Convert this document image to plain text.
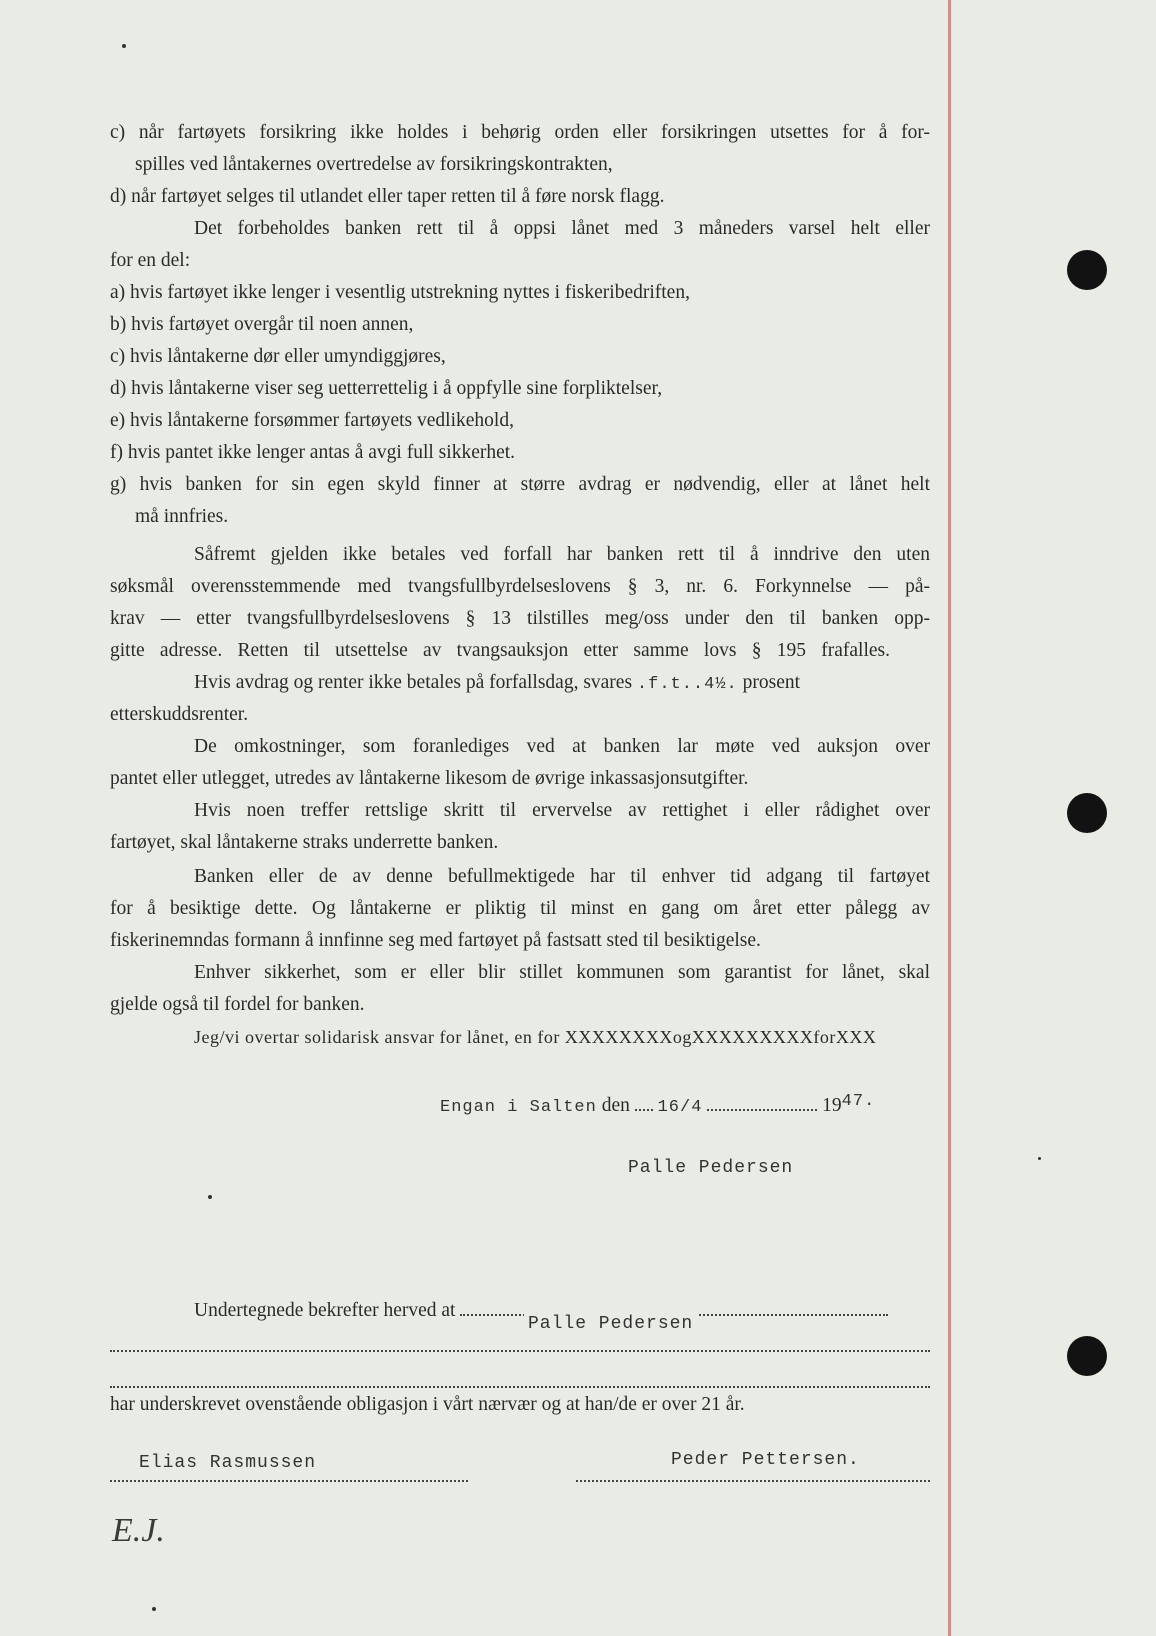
c) når fartøyets forsikring ikke holdes i behørig orden eller forsikringen utsettes for å for-
spilles ved låntakernes overtredelse av forsikringskontrakten,
d) når fartøyet selges til utlandet eller taper retten til å føre norsk flagg.
Det forbeholdes banken rett til å oppsi lånet med 3 måneders varsel helt eller
for en del:
a) hvis fartøyet ikke lenger i vesentlig utstrekning nyttes i fiskeribedriften,
b) hvis fartøyet overgår til noen annen,
c) hvis låntakerne dør eller umyndiggjøres,
d) hvis låntakerne viser seg uetterrettelig i å oppfylle sine forpliktelser,
e) hvis låntakerne forsømmer fartøyets vedlikehold,
f) hvis pantet ikke lenger antas å avgi full sikkerhet.
g) hvis banken for sin egen skyld finner at større avdrag er nødvendig, eller at lånet helt
må innfries.
Såfremt gjelden ikke betales ved forfall har banken rett til å inndrive den uten
søksmål overensstemmende med tvangsfullbyrdelseslovens § 3, nr. 6. Forkynnelse — på-
krav — etter tvangsfullbyrdelseslovens § 13 tilstilles meg/oss under den til banken opp-
gitte adresse. Retten til utsettelse av tvangsauksjon etter samme lovs § 195 frafalles.
Hvis avdrag og renter ikke betales på forfallsdag, svares .f.t..4½. prosent
etterskuddsrenter.
De omkostninger, som foranlediges ved at banken lar møte ved auksjon over
pantet eller utlegget, utredes av låntakerne likesom de øvrige inkassasjonsutgifter.
Hvis noen treffer rettslige skritt til ervervelse av rettighet i eller rådighet over
fartøyet, skal låntakerne straks underrette banken.
Banken eller de av denne befullmektigede har til enhver tid adgang til fartøyet
for å besiktige dette. Og låntakerne er pliktig til minst en gang om året etter pålegg av
fiskerinemndas formann å innfinne seg med fartøyet på fastsatt sted til besiktigelse.
Enhver sikkerhet, som er eller blir stillet kommunen som garantist for lånet, skal
gjelde også til fordel for banken.
Jeg/vi overtar solidarisk ansvar for lånet, en for XXXXXXXXogXXXXXXXXXforXXX
Engan i Salten den 16/4	1947.
Palle Pedersen
Undertegnede bekrefter herved at
Palle Pedersen
har underskrevet ovenstående obligasjon i vårt nærvær og at han/de er over 21 år.
Elias Rasmussen	Peder Pettersen.
E.J.
